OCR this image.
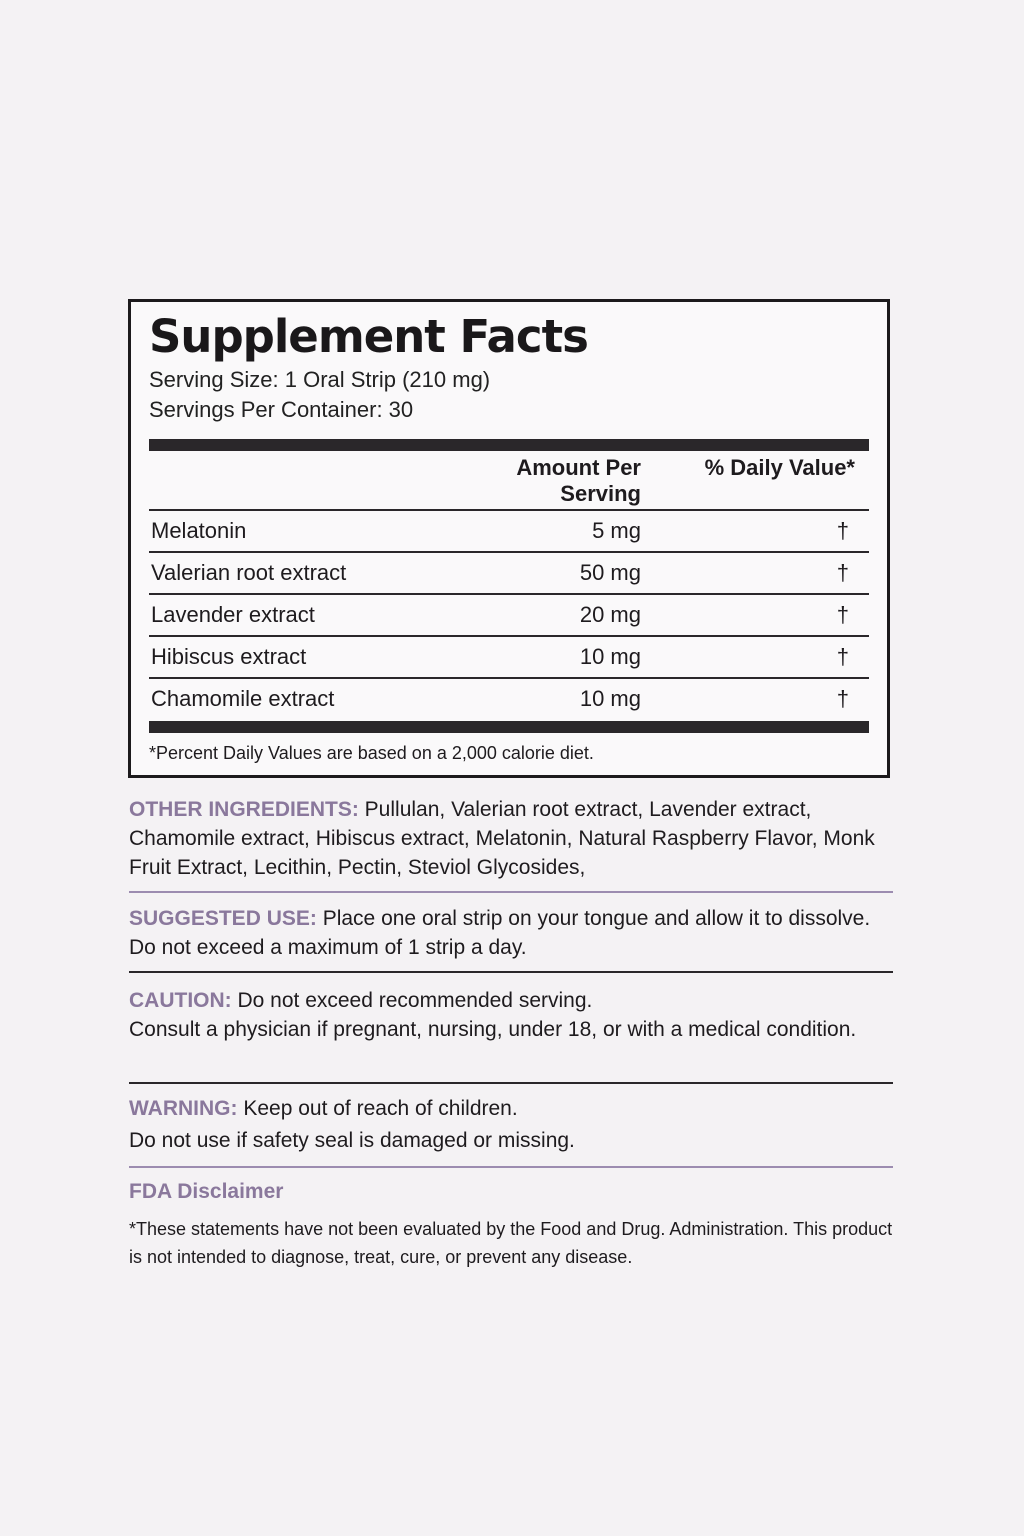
Supplement Facts
Serving Size: 1 Oral Strip (210 mg)
Servings Per Container: 30
Amount Per
Serving
% Daily Value*
Melatonin	5 mg	†
Valerian root extract	50 mg	†
Lavender extract	20 mg	†
Hibiscus extract	10 mg	†
Chamomile extract	10 mg	†
*Percent Daily Values are based on a 2,000 calorie diet.
OTHER INGREDIENTS: Pullulan, Valerian root extract, Lavender extract, Chamomile extract, Hibiscus extract, Melatonin, Natural Raspberry Flavor, Monk Fruit Extract, Lecithin, Pectin, Steviol Glycosides,
SUGGESTED USE: Place one oral strip on your tongue and allow it to dissolve. Do not exceed a maximum of 1 strip a day.
CAUTION: Do not exceed recommended serving.
Consult a physician if pregnant, nursing, under 18, or with a medical condition.
WARNING: Keep out of reach of children.
Do not use if safety seal is damaged or missing.
FDA Disclaimer
*These statements have not been evaluated by the Food and Drug. Administration. This product is not intended to diagnose, treat, cure, or prevent any disease.
